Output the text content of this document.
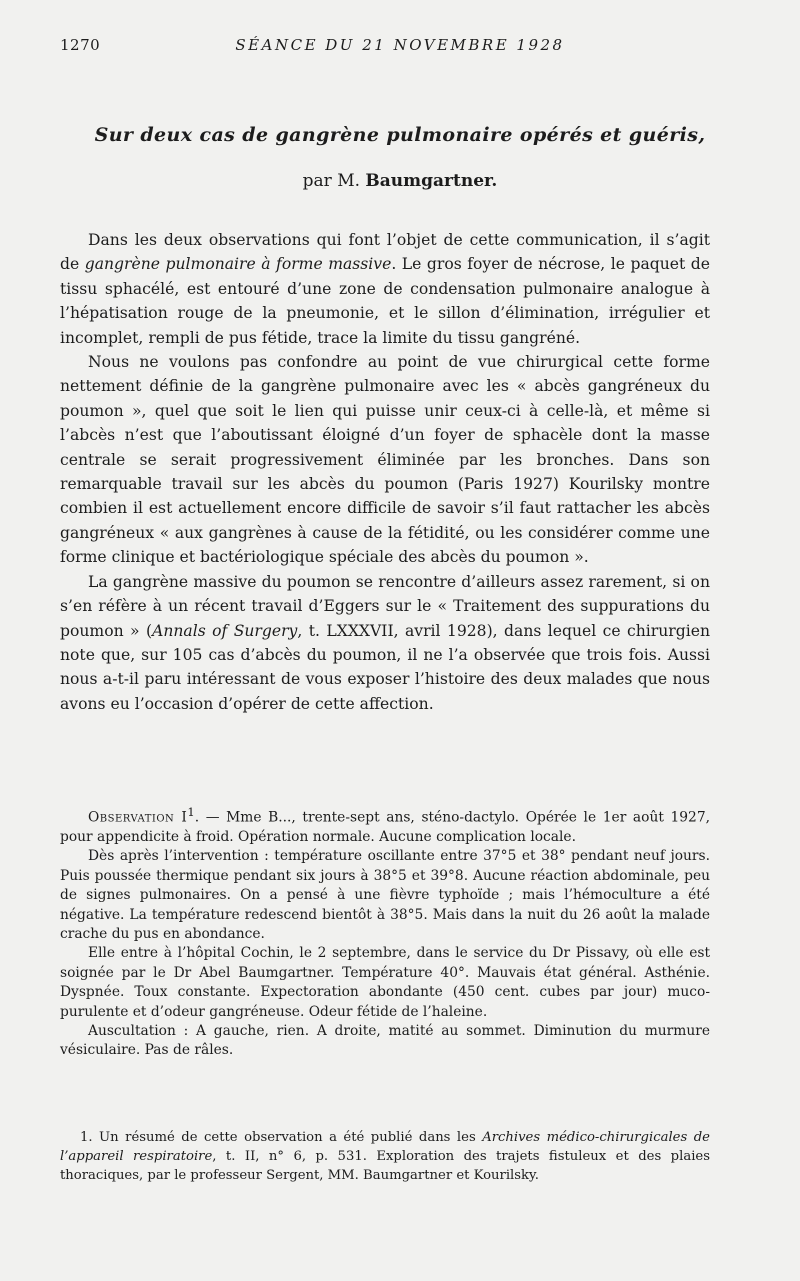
1270	SÉANCE DU 21 NOVEMBRE 1928
Sur deux cas de gangrène pulmonaire opérés et guéris,
par M. Baumgartner.

Dans les deux observations qui font l’objet de cette communication, il s’agit de gangrène pulmonaire à forme massive. Le gros foyer de nécrose, le paquet de tissu sphacélé, est entouré d’une zone de condensation pulmonaire analogue à l’hépatisation rouge de la pneumonie, et le sillon d’élimination, irrégulier et incomplet, rempli de pus fétide, trace la limite du tissu gangréné.

Nous ne voulons pas confondre au point de vue chirurgical cette forme nettement définie de la gangrène pulmonaire avec les « abcès gangréneux du poumon », quel que soit le lien qui puisse unir ceux-ci à celle-là, et même si l’abcès n’est que l’aboutissant éloigné d’un foyer de sphacèle dont la masse centrale se serait progressivement éliminée par les bronches. Dans son remarquable travail sur les abcès du poumon (Paris 1927) Kourilsky montre combien il est actuellement encore difficile de savoir s’il faut rattacher les abcès gangréneux « aux gangrènes à cause de la fétidité, ou les considérer comme une forme clinique et bactériologique spéciale des abcès du poumon ».

La gangrène massive du poumon se rencontre d’ailleurs assez rarement, si on s’en réfère à un récent travail d’Eggers sur le « Traitement des suppurations du poumon » (Annals of Surgery, t. LXXXVII, avril 1928), dans lequel ce chirurgien note que, sur 105 cas d’abcès du poumon, il ne l’a observée que trois fois. Aussi nous a-t-il paru intéressant de vous exposer l’histoire des deux malades que nous avons eu l’occasion d’opérer de cette affection.

Observation $I^1$. — Mme B..., trente-sept ans, sténo-dactylo. Opérée le 1er août 1927, pour appendicite à froid. Opération normale. Aucune complication locale.

Dès après l’intervention : température oscillante entre 37°5 et 38° pendant neuf jours. Puis poussée thermique pendant six jours à 38°5 et 39°8. Aucune réaction abdominale, peu de signes pulmonaires. On a pensé à une fièvre typhoïde ; mais l’hémoculture a été négative. La température redescend bientôt à 38°5. Mais dans la nuit du 26 août la malade crache du pus en abondance.

Elle entre à l’hôpital Cochin, le 2 septembre, dans le service du Dr Pissavy, où elle est soignée par le Dr Abel Baumgartner. Température 40°. Mauvais état général. Asthénie. Dyspnée. Toux constante. Expectoration abondante (450 cent. cubes par jour) muco-purulente et d’odeur gangréneuse. Odeur fétide de l’haleine.

Auscultation : A gauche, rien. A droite, matité au sommet. Diminution du murmure vésiculaire. Pas de râles.

1. Un résumé de cette observation a été publié dans les Archives médico-chirurgicales de l’appareil respiratoire, t. II, n° 6, p. 531. Exploration des trajets fistuleux et des plaies thoraciques, par le professeur Sergent, MM. Baumgartner et Kourilsky.
